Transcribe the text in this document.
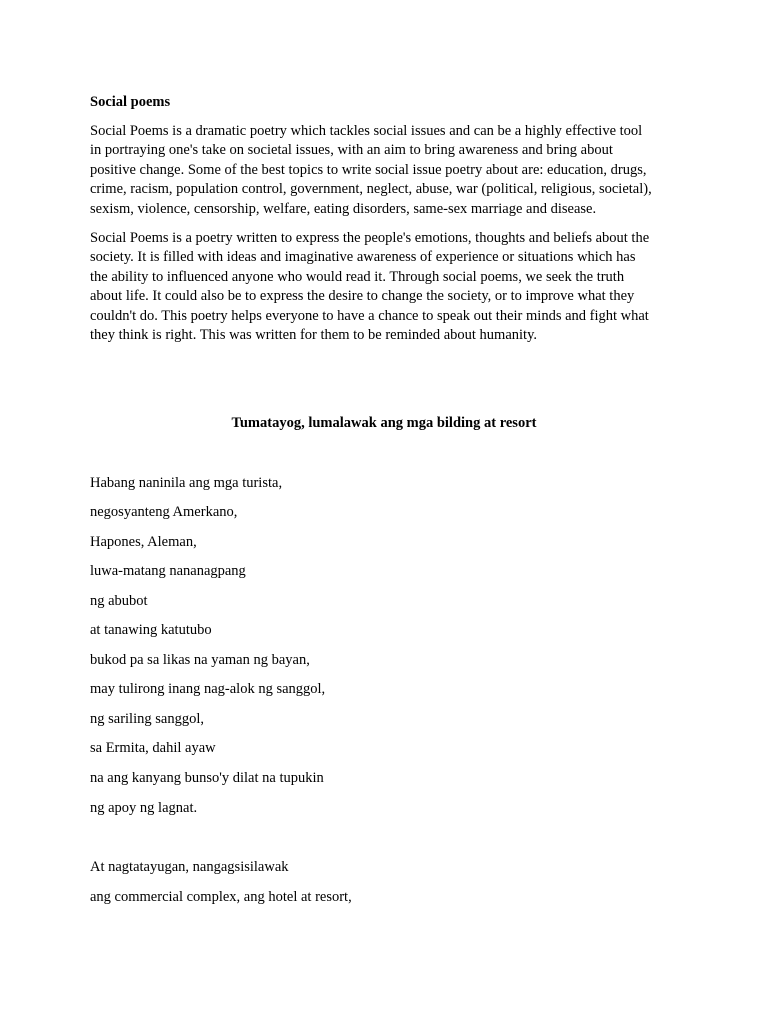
Social poems
Social Poems is a dramatic poetry which tackles social issues and can be a highly effective tool
in portraying one's take on societal issues, with an aim to bring awareness and bring about
positive change. Some of the best topics to write social issue poetry about are: education, drugs,
crime, racism, population control, government, neglect, abuse, war (political, religious, societal),
sexism, violence, censorship, welfare, eating disorders, same-sex marriage and disease.
Social Poems is a poetry written to express the people's emotions, thoughts and beliefs about the
society. It is filled with ideas and imaginative awareness of experience or situations which has
the ability to influenced anyone who would read it. Through social poems, we seek the truth
about life. It could also be to express the desire to change the society, or to improve what they
couldn't do. This poetry helps everyone to have a chance to speak out their minds and fight what
they think is right. This was written for them to be reminded about humanity.
Tumatayog, lumalawak ang mga bilding at resort
Habang naninila ang mga turista,
negosyanteng Amerkano,
Hapones, Aleman,
luwa-matang nananagpang
ng abubot
at tanawing katutubo
bukod pa sa likas na yaman ng bayan,
may tulirong inang nag-alok ng sanggol,
ng sariling sanggol,
sa Ermita, dahil ayaw
na ang kanyang bunso'y dilat na tupukin
ng apoy ng lagnat.
At nagtatayugan, nangagsisilawak
ang commercial complex, ang hotel at resort,
